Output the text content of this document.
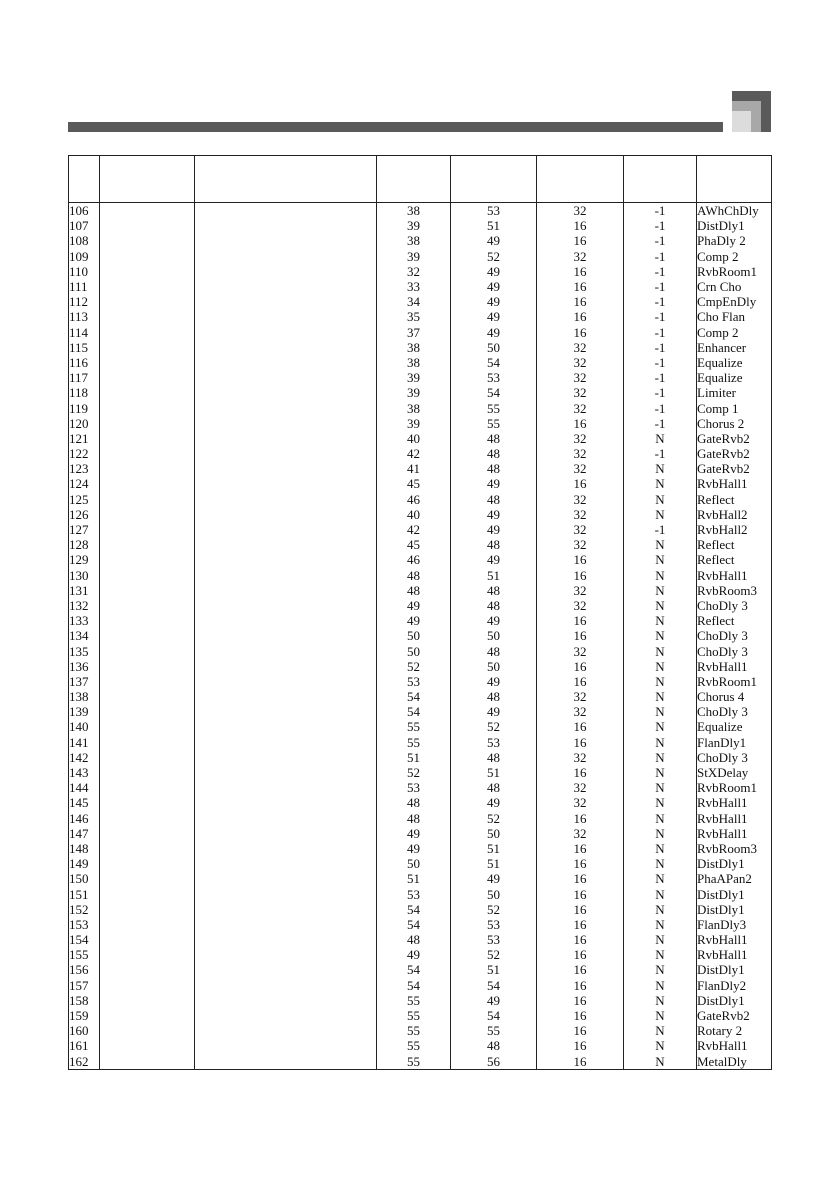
106			38	53	32	-1	AWhChDly
107			39	51	16	-1	DistDly1
108			38	49	16	-1	PhaDly 2
109			39	52	32	-1	Comp 2
110			32	49	16	-1	RvbRoom1
111			33	49	16	-1	Crn Cho
112			34	49	16	-1	CmpEnDly
113			35	49	16	-1	Cho Flan
114			37	49	16	-1	Comp 2
115			38	50	32	-1	Enhancer
116			38	54	32	-1	Equalize
117			39	53	32	-1	Equalize
118			39	54	32	-1	Limiter
119			38	55	32	-1	Comp 1
120			39	55	16	-1	Chorus 2
121			40	48	32	N	GateRvb2
122			42	48	32	-1	GateRvb2
123			41	48	32	N	GateRvb2
124			45	49	16	N	RvbHall1
125			46	48	32	N	Reflect
126			40	49	32	N	RvbHall2
127			42	49	32	-1	RvbHall2
128			45	48	32	N	Reflect
129			46	49	16	N	Reflect
130			48	51	16	N	RvbHall1
131			48	48	32	N	RvbRoom3
132			49	48	32	N	ChoDly 3
133			49	49	16	N	Reflect
134			50	50	16	N	ChoDly 3
135			50	48	32	N	ChoDly 3
136			52	50	16	N	RvbHall1
137			53	49	16	N	RvbRoom1
138			54	48	32	N	Chorus 4
139			54	49	32	N	ChoDly 3
140			55	52	16	N	Equalize
141			55	53	16	N	FlanDly1
142			51	48	32	N	ChoDly 3
143			52	51	16	N	StXDelay
144			53	48	32	N	RvbRoom1
145			48	49	32	N	RvbHall1
146			48	52	16	N	RvbHall1
147			49	50	32	N	RvbHall1
148			49	51	16	N	RvbRoom3
149			50	51	16	N	DistDly1
150			51	49	16	N	PhaAPan2
151			53	50	16	N	DistDly1
152			54	52	16	N	DistDly1
153			54	53	16	N	FlanDly3
154			48	53	16	N	RvbHall1
155			49	52	16	N	RvbHall1
156			54	51	16	N	DistDly1
157			54	54	16	N	FlanDly2
158			55	49	16	N	DistDly1
159			55	54	16	N	GateRvb2
160			55	55	16	N	Rotary 2
161			55	48	16	N	RvbHall1
162			55	56	16	N	MetalDly
